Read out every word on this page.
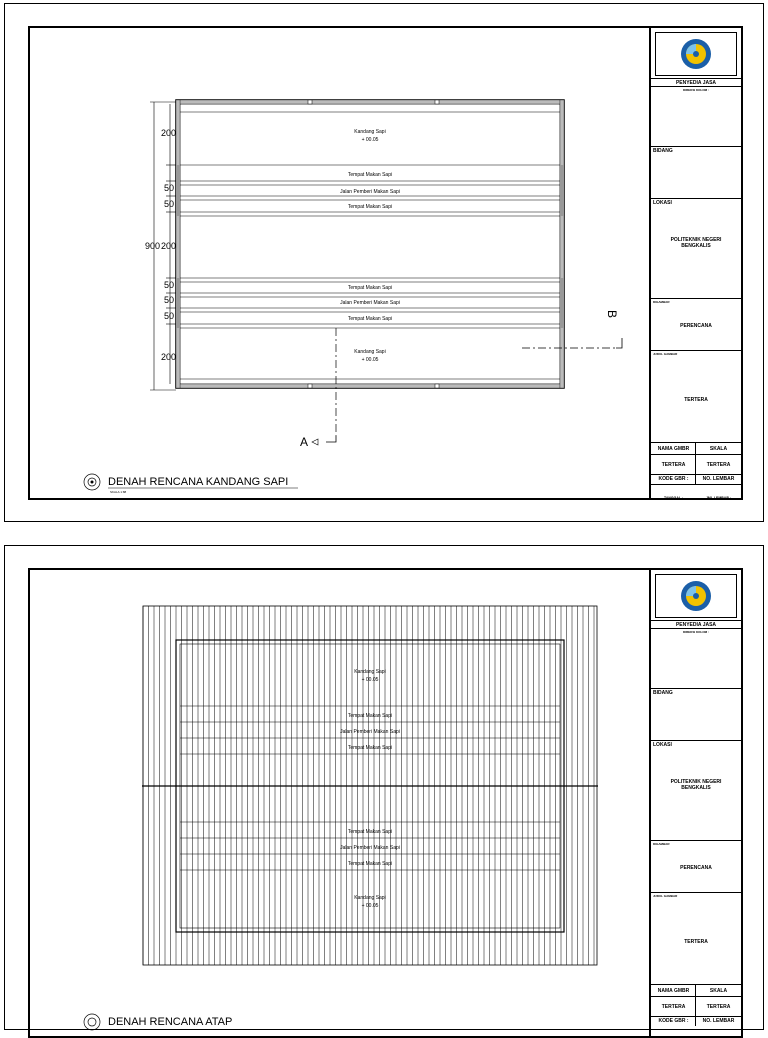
Kandang Sapi
+ 00.05
Tempat Makan Sapi
Jalan Pemberi Makan Sapi
Tempat Makan Sapi
Tempat Makan Sapi
Jalan Pemberi Makan Sapi
Tempat Makan Sapi
Kandang Sapi
+ 00.05
200
50
50
900 200
50
50
50
200
A
B
DENAH RENCANA KANDANG SAPI
SKALA 1:88
PENYEDIA JASA
DIREKSI KOLOM :
BIDANG
LOKASI
POLITEKNIK NEGERI BENGKALIS
DIGAMBAR
PERENCANA
JUDUL GAMBAR
TERTERA
NAMA GMBR	SKALA
TERTERA	TERTERA
KODE GBR :	NO. LEMBAR
TANGGAL :	JML LEMBAR :
Kandang Sapi
+ 00.05
Tempat Makan Sapi
Jalan Pemberi Makan Sapi
Tempat Makan Sapi
Tempat Makan Sapi
Jalan Pemberi Makan Sapi
Tempat Makan Sapi
Kandang Sapi
+ 00.05
DENAH RENCANA ATAP
PENYEDIA JASA
DIREKSI KOLOM :
BIDANG
LOKASI
POLITEKNIK NEGERI BENGKALIS
DIGAMBAR
PERENCANA
JUDUL GAMBAR
TERTERA
NAMA GMBR	SKALA
TERTERA	TERTERA
KODE GBR :	NO. LEMBAR
